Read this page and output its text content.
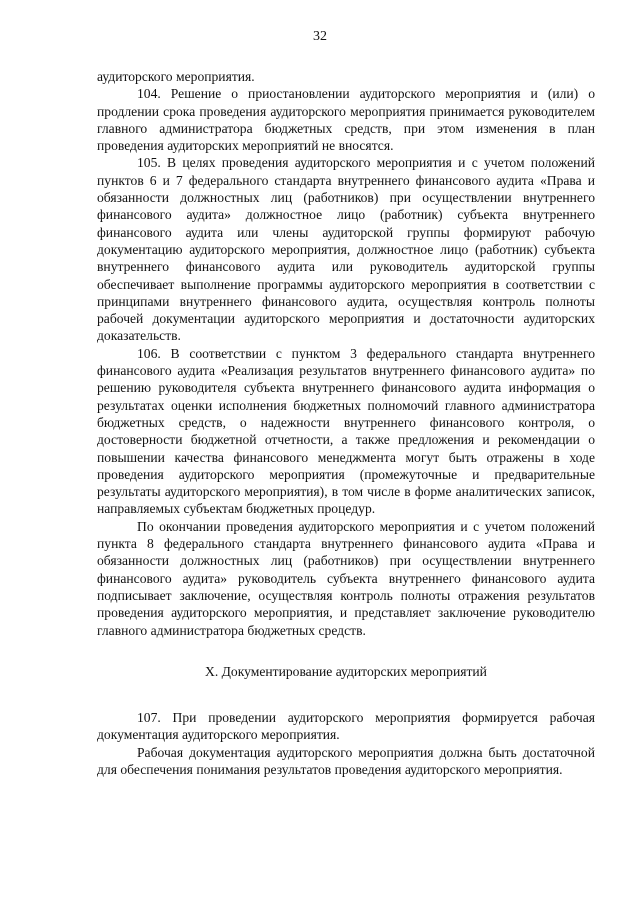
32

аудиторского мероприятия.

104. Решение о приостановлении аудиторского мероприятия и (или) о продлении срока проведения аудиторского мероприятия принимается руководителем главного администратора бюджетных средств, при этом изменения в план проведения аудиторских мероприятий не вносятся.

105. В целях проведения аудиторского мероприятия и с учетом положений пунктов 6 и 7 федерального стандарта внутреннего финансового аудита «Права и обязанности должностных лиц (работников) при осуществлении внутреннего финансового аудита» должностное лицо (работник) субъекта внутреннего финансового аудита или члены аудиторской группы формируют рабочую документацию аудиторского мероприятия, должностное лицо (работник) субъекта внутреннего финансового аудита или руководитель аудиторской группы обеспечивает выполнение программы аудиторского мероприятия в соответствии с принципами внутреннего финансового аудита, осуществляя контроль полноты рабочей документации аудиторского мероприятия и достаточности аудиторских доказательств.

106. В соответствии с пунктом 3 федерального стандарта внутреннего финансового аудита «Реализация результатов внутреннего финансового аудита» по решению руководителя субъекта внутреннего финансового аудита информация о результатах оценки исполнения бюджетных полномочий главного администратора бюджетных средств, о надежности внутреннего финансового контроля, о достоверности бюджетной отчетности, а также предложения и рекомендации о повышении качества финансового менеджмента могут быть отражены в ходе проведения аудиторского мероприятия (промежуточные и предварительные результаты аудиторского мероприятия), в том числе в форме аналитических записок, направляемых субъектам бюджетных процедур.

По окончании проведения аудиторского мероприятия и с учетом положений пункта 8 федерального стандарта внутреннего финансового аудита «Права и обязанности должностных лиц (работников) при осуществлении внутреннего финансового аудита» руководитель субъекта внутреннего финансового аудита подписывает заключение, осуществляя контроль полноты отражения результатов проведения аудиторского мероприятия, и представляет заключение руководителю главного администратора бюджетных средств.

X. Документирование аудиторских мероприятий

107. При проведении аудиторского мероприятия формируется рабочая документация аудиторского мероприятия.

Рабочая документация аудиторского мероприятия должна быть достаточной для обеспечения понимания результатов проведения аудиторского мероприятия.
